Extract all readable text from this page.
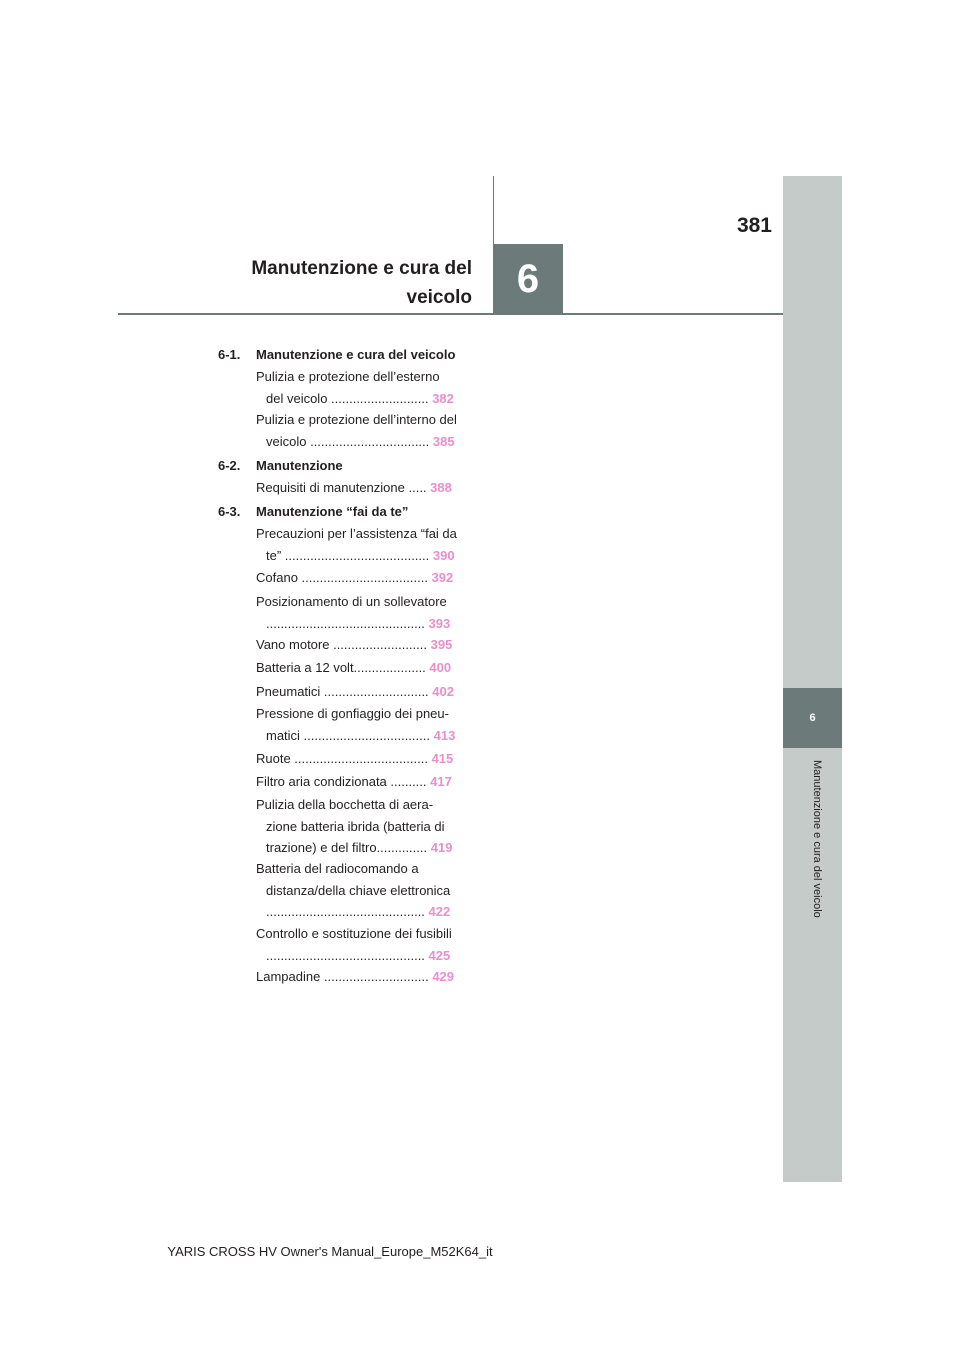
6
Manutenzione e cura del veicolo
6
381
Manutenzione e cura del
veicolo
6-1. Manutenzione e cura del veicolo
Pulizia e protezione dell’esterno
del veicolo ........................... 382
Pulizia e protezione dell’interno del
veicolo ................................. 385
6-2. Manutenzione
Requisiti di manutenzione ..... 388
6-3. Manutenzione “fai da te”
Precauzioni per l’assistenza “fai da
te” ........................................ 390
Cofano ................................... 392
Posizionamento di un sollevatore
............................................ 393
Vano motore .......................... 395
Batteria a 12 volt.................... 400
Pneumatici ............................. 402
Pressione di gonfiaggio dei pneu-
matici ................................... 413
Ruote ..................................... 415
Filtro aria condizionata .......... 417
Pulizia della bocchetta di aera-
zione batteria ibrida (batteria di
trazione) e del filtro.............. 419
Batteria del radiocomando a
distanza/della chiave elettronica
............................................ 422
Controllo e sostituzione dei fusibili
............................................ 425
Lampadine ............................. 429
YARIS CROSS HV Owner's Manual_Europe_M52K64_it
